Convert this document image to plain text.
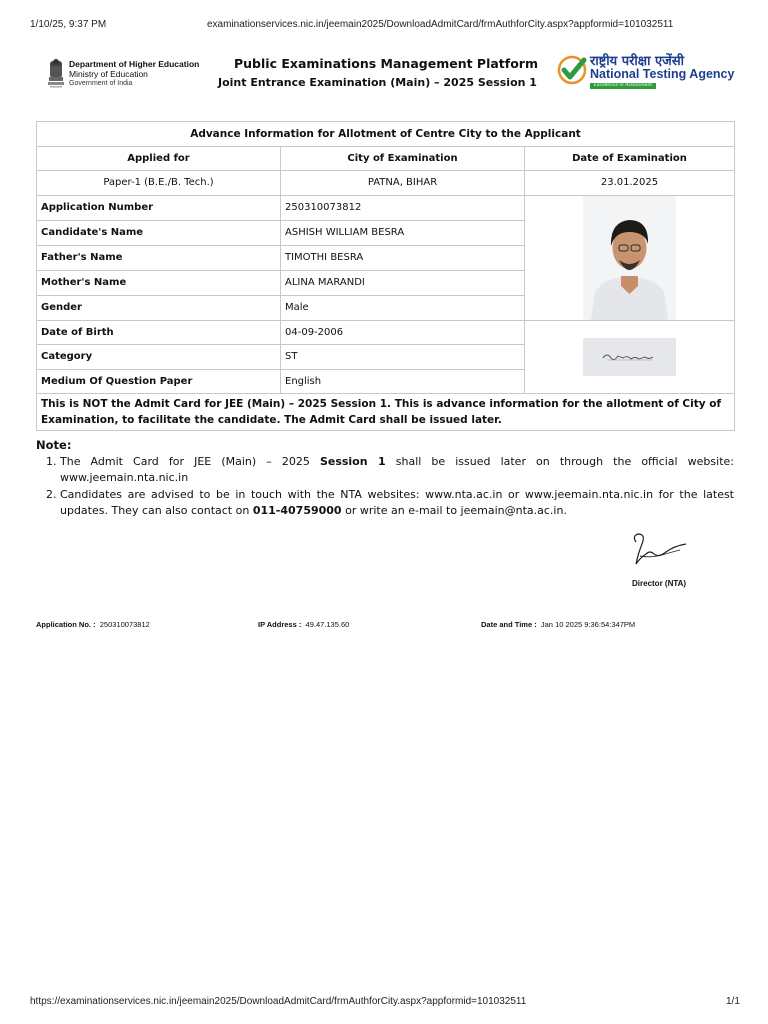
1/10/25, 9:37 PM	examinationservices.nic.in/jeemain2025/DownloadAdmitCard/frmAuthforCity.aspx?appformid=101032511
https://examinationservices.nic.in/jeemain2025/DownloadAdmitCard/frmAuthforCity.aspx?appformid=101032511	1/1
Department of Higher Education
Ministry of Education
Government of India
Public Examinations Management Platform
Joint Entrance Examination (Main) – 2025 Session 1
राष्ट्रीय परीक्षा एजेंसी
National Testing Agency
Excellence in Assessment
Advance Information for Allotment of Centre City to the Applicant		
Applied for	City of Examination	Date of Examination
Paper-1 (B.E./B. Tech.)	PATNA, BIHAR	23.01.2025
Application Number	250310073812	

Candidate's Name	ASHISH WILLIAM BESRA	
Father's Name	TIMOTHI BESRA	
Mother's Name	ALINA MARANDI	
Gender	Male	
Date of Birth	04-09-2006	

Category	ST	
Medium Of Question Paper	English	
This is NOT the Admit Card for JEE (Main) – 2025 Session 1. This is advance information for the allotment of City of Examination, to facilitate the candidate. The Admit Card shall be issued later.		
Note:
1. The Admit Card for JEE (Main) – 2025 Session 1 shall be issued later on through the official website: www.jeemain.nta.nic.in
2. Candidates are advised to be in touch with the NTA websites: www.nta.ac.in or www.jeemain.nta.nic.in for the latest updates. They can also contact on 011-40759000 or write an e-mail to jeemain@nta.ac.in.
Director (NTA)
Application No. : 250310073812	IP Address : 49.47.135.60	Date and Time : Jan 10 2025 9:36:54:347PM
